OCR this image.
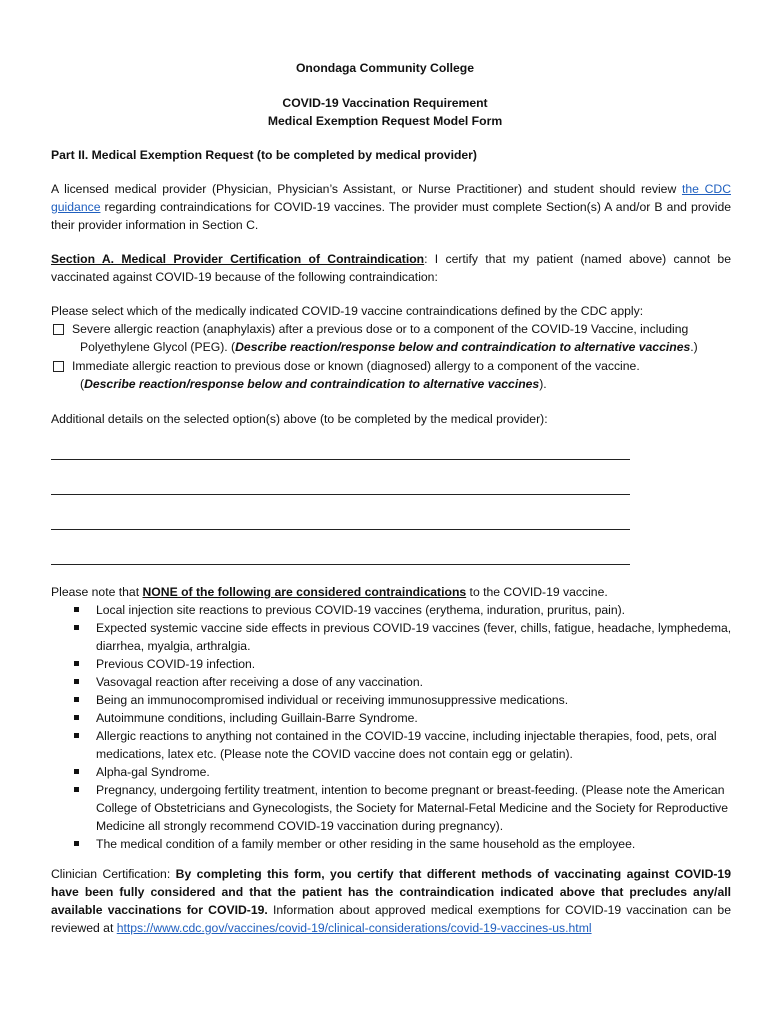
Onondaga Community College
COVID-19 Vaccination Requirement
Medical Exemption Request Model Form
Part II. Medical Exemption Request (to be completed by medical provider)
A licensed medical provider (Physician, Physician’s Assistant, or Nurse Practitioner) and student should review the CDC guidance regarding contraindications for COVID-19 vaccines. The provider must complete Section(s) A and/or B and provide their provider information in Section C.
Section A. Medical Provider Certification of Contraindication: I certify that my patient (named above) cannot be vaccinated against COVID-19 because of the following contraindication:
Please select which of the medically indicated COVID-19 vaccine contraindications defined by the CDC apply:
Severe allergic reaction (anaphylaxis) after a previous dose or to a component of the COVID-19 Vaccine, including
Polyethylene Glycol (PEG). (Describe reaction/response below and contraindication to alternative vaccines.)
Immediate allergic reaction to previous dose or known (diagnosed) allergy to a component of the vaccine.
(Describe reaction/response below and contraindication to alternative vaccines).
Additional details on the selected option(s) above (to be completed by the medical provider):
Please note that NONE of the following are considered contraindications to the COVID-19 vaccine.
Local injection site reactions to previous COVID-19 vaccines (erythema, induration, pruritus, pain).
Expected systemic vaccine side effects in previous COVID-19 vaccines (fever, chills, fatigue, headache, lymphedema, diarrhea, myalgia, arthralgia.
Previous COVID-19 infection.
Vasovagal reaction after receiving a dose of any vaccination.
Being an immunocompromised individual or receiving immunosuppressive medications.
Autoimmune conditions, including Guillain-Barre Syndrome.
Allergic reactions to anything not contained in the COVID-19 vaccine, including injectable therapies, food, pets, oral medications, latex etc. (Please note the COVID vaccine does not contain egg or gelatin).
Alpha-gal Syndrome.
Pregnancy, undergoing fertility treatment, intention to become pregnant or breast-feeding. (Please note the American College of Obstetricians and Gynecologists, the Society for Maternal-Fetal Medicine and the Society for Reproductive Medicine all strongly recommend COVID-19 vaccination during pregnancy).
The medical condition of a family member or other residing in the same household as the employee.
Clinician Certification: By completing this form, you certify that different methods of vaccinating against COVID-19 have been fully considered and that the patient has the contraindication indicated above that precludes any/all available vaccinations for COVID-19. Information about approved medical exemptions for COVID-19 vaccination can be reviewed at https://www.cdc.gov/vaccines/covid-19/clinical-considerations/covid-19-vaccines-us.html
